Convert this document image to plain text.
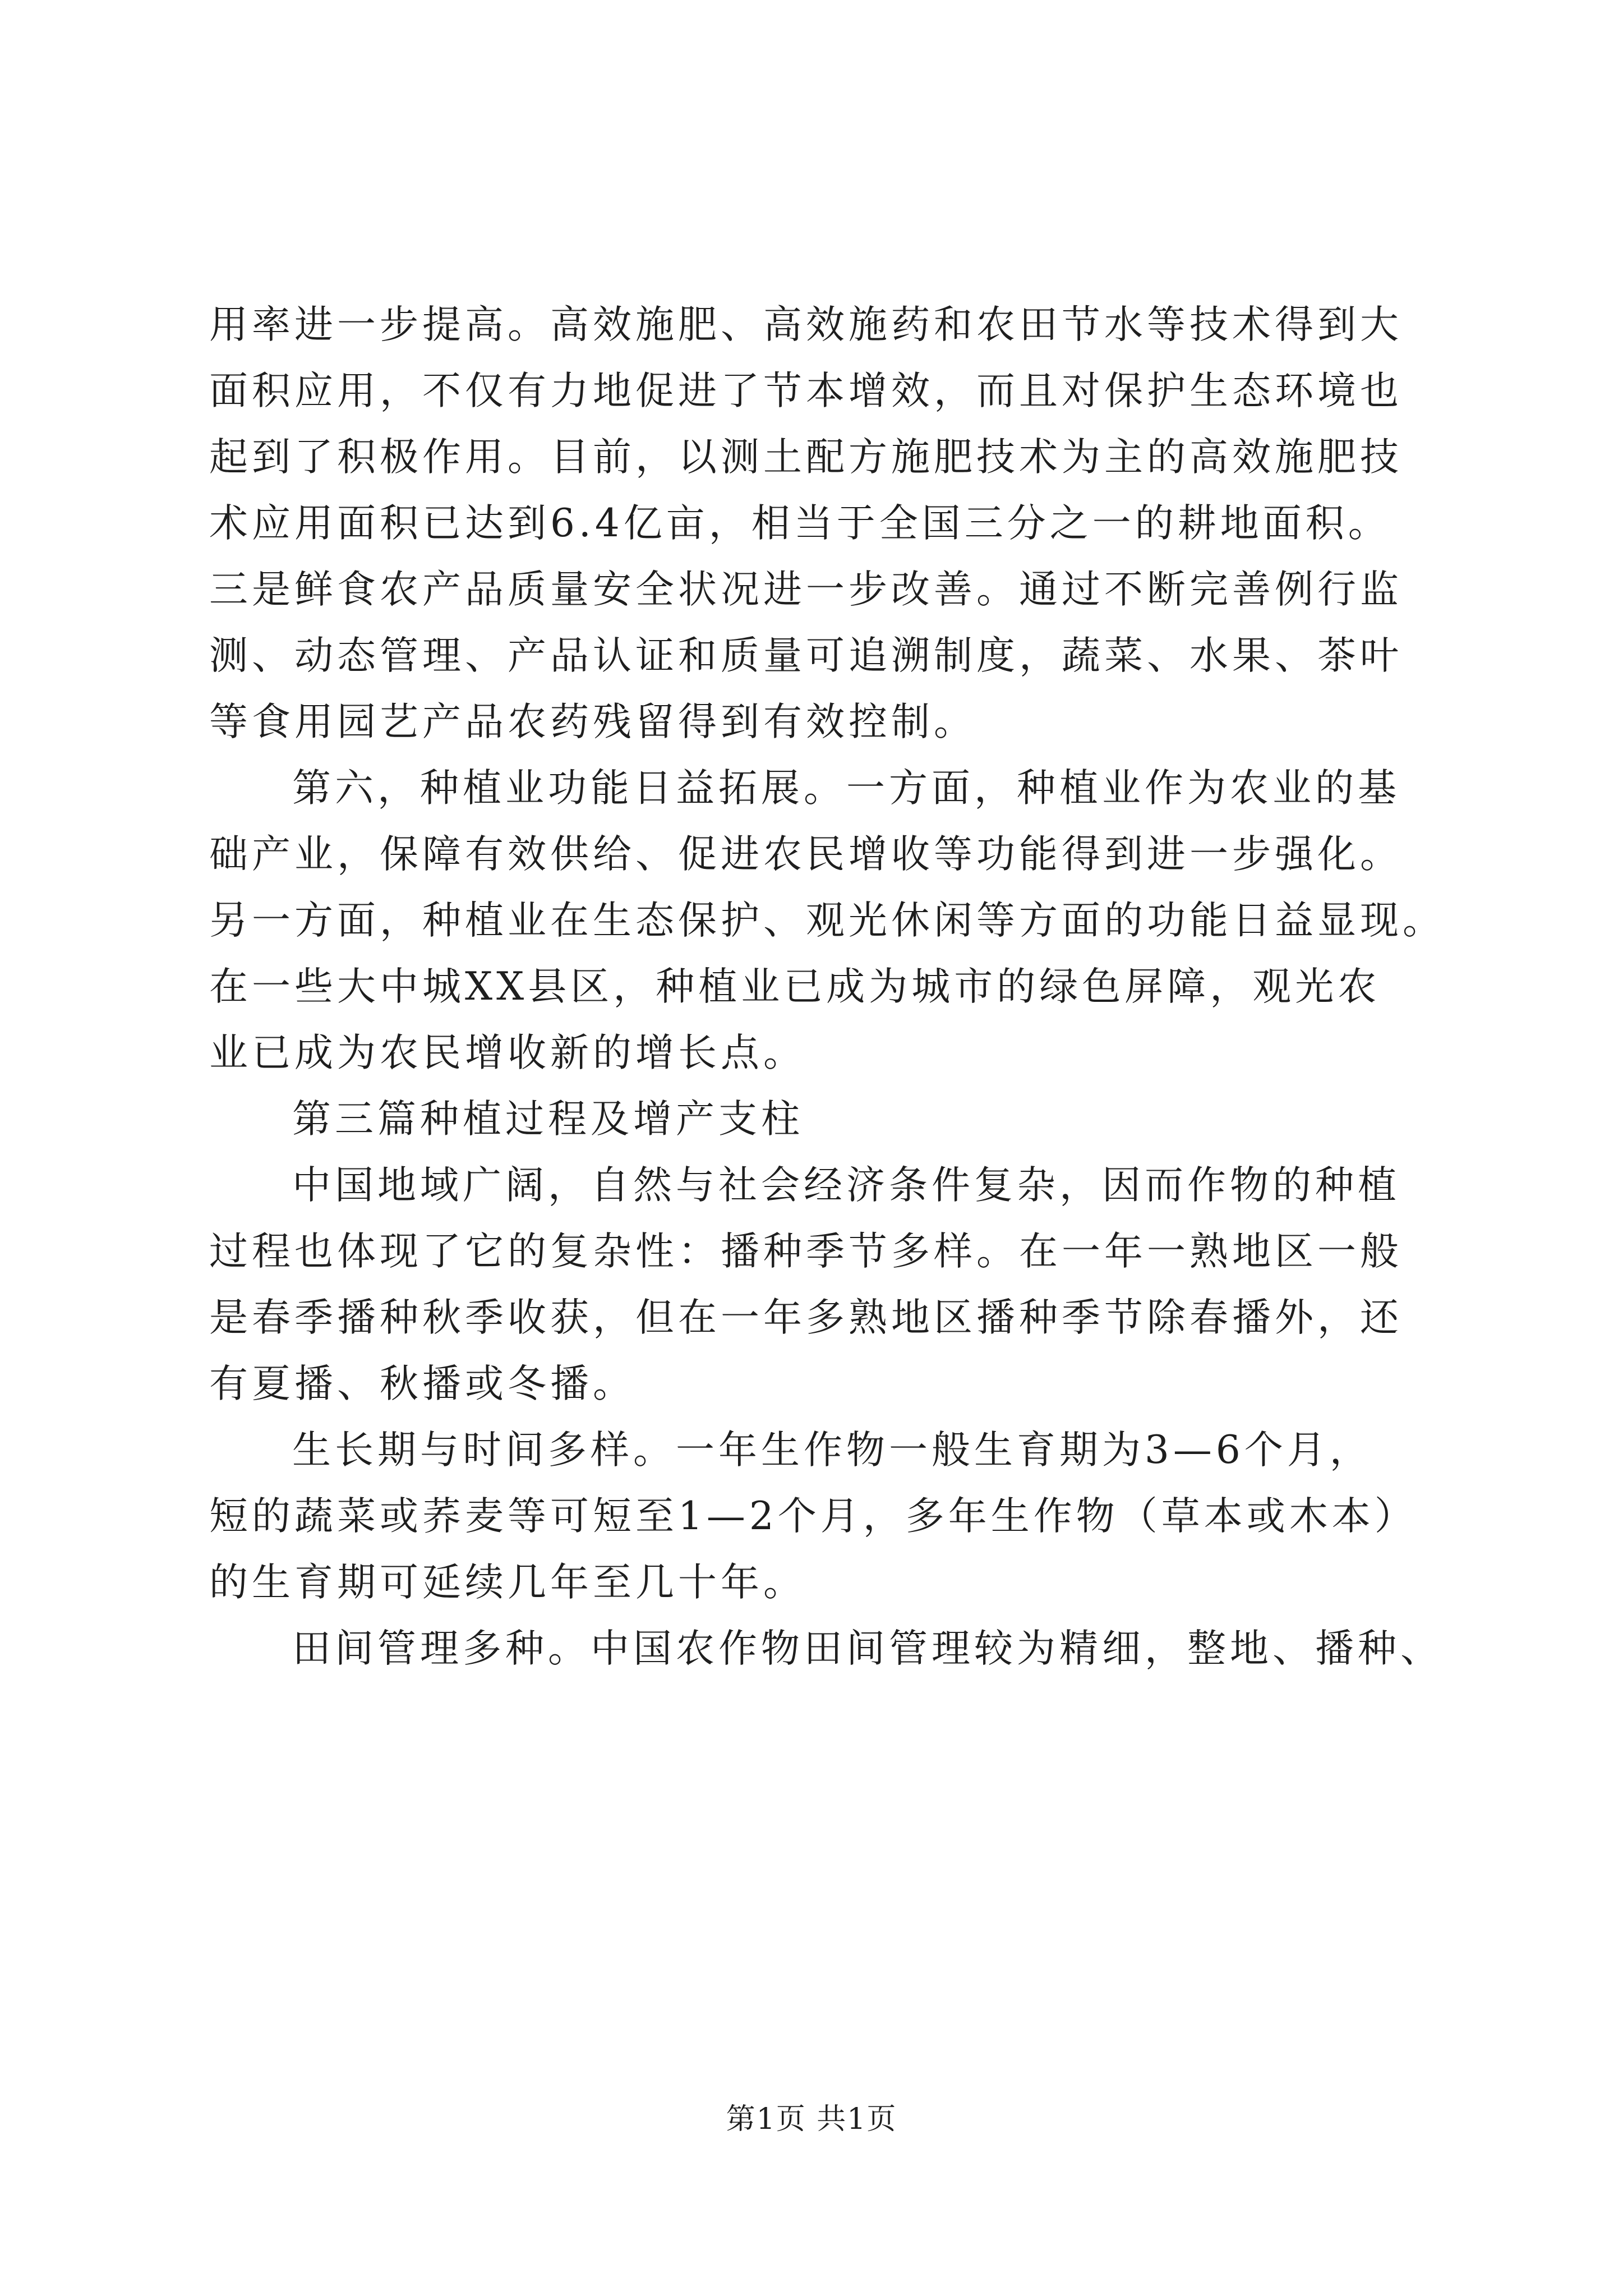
用率进一步提高。高效施肥、高效施药和农田节水等技术得到大
面积应用，不仅有力地促进了节本增效，而且对保护生态环境也
起到了积极作用。目前，以测土配方施肥技术为主的高效施肥技
术应用面积已达到6.4亿亩，相当于全国三分之一的耕地面积。
三是鲜食农产品质量安全状况进一步改善。通过不断完善例行监
测、动态管理、产品认证和质量可追溯制度，蔬菜、水果、茶叶
等食用园艺产品农药残留得到有效控制。
第六，种植业功能日益拓展。一方面，种植业作为农业的基
础产业，保障有效供给、促进农民增收等功能得到进一步强化。
另一方面，种植业在生态保护、观光休闲等方面的功能日益显现。
在一些大中城XX县区，种植业已成为城市的绿色屏障，观光农
业已成为农民增收新的增长点。
第三篇种植过程及增产支柱
中国地域广阔，自然与社会经济条件复杂，因而作物的种植
过程也体现了它的复杂性：播种季节多样。在一年一熟地区一般
是春季播种秋季收获，但在一年多熟地区播种季节除春播外，还
有夏播、秋播或冬播。
生长期与时间多样。一年生作物一般生育期为3—6个月，
短的蔬菜或荞麦等可短至1—2个月，多年生作物（草本或木本）
的生育期可延续几年至几十年。
田间管理多种。中国农作物田间管理较为精细，整地、播种、
第1页 共1页
